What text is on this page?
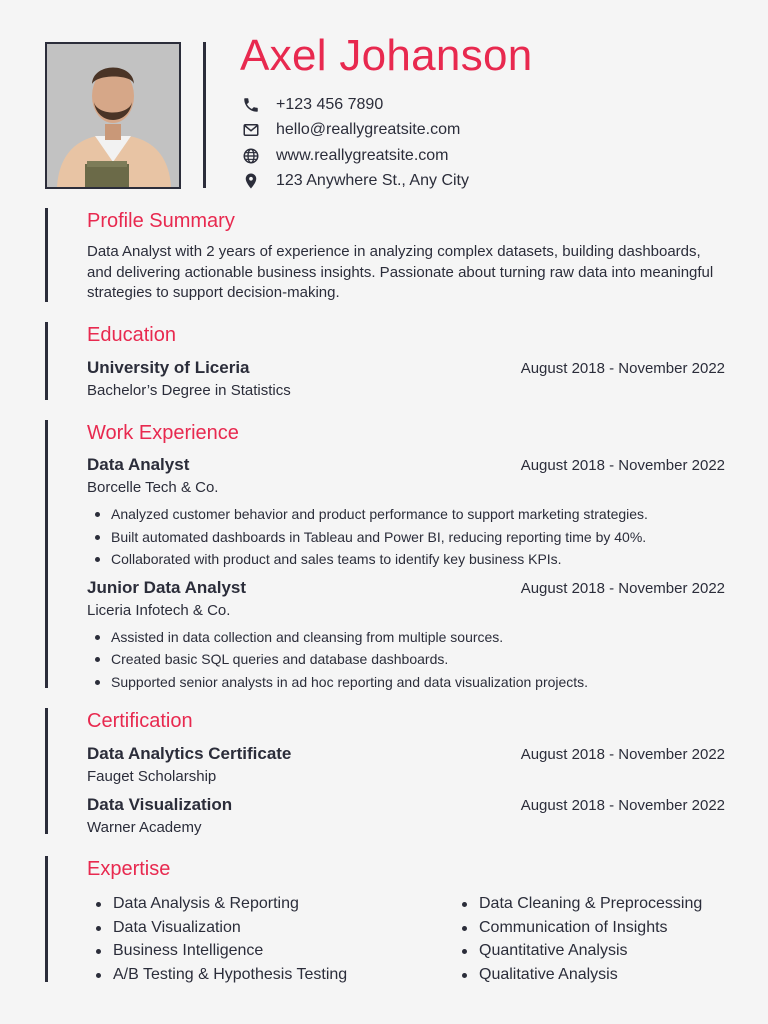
Axel Johanson
+123 456 7890
hello@reallygreatsite.com
www.reallygreatsite.com
123 Anywhere St., Any City
Profile Summary
Data Analyst with 2 years of experience in analyzing complex datasets, building dashboards, and delivering actionable business insights. Passionate about turning raw data into meaningful strategies to support decision-making.
Education
University of Liceria	August 2018 - November 2022
Bachelor’s Degree in Statistics
Work Experience
Data Analyst	August 2018 - November 2022
Borcelle Tech & Co.
Analyzed customer behavior and product performance to support marketing strategies.
Built automated dashboards in Tableau and Power BI, reducing reporting time by 40%.
Collaborated with product and sales teams to identify key business KPIs.
Junior Data Analyst	August 2018 - November 2022
Liceria Infotech & Co.
Assisted in data collection and cleansing from multiple sources.
Created basic SQL queries and database dashboards.
Supported senior analysts in ad hoc reporting and data visualization projects.
Certification
Data Analytics Certificate	August 2018 - November 2022
Fauget Scholarship
Data Visualization	August 2018 - November 2022
Warner Academy
Expertise
Data Analysis & Reporting
Data Visualization
Business Intelligence
A/B Testing & Hypothesis Testing
Data Cleaning & Preprocessing
Communication of Insights
Quantitative Analysis
Qualitative Analysis
